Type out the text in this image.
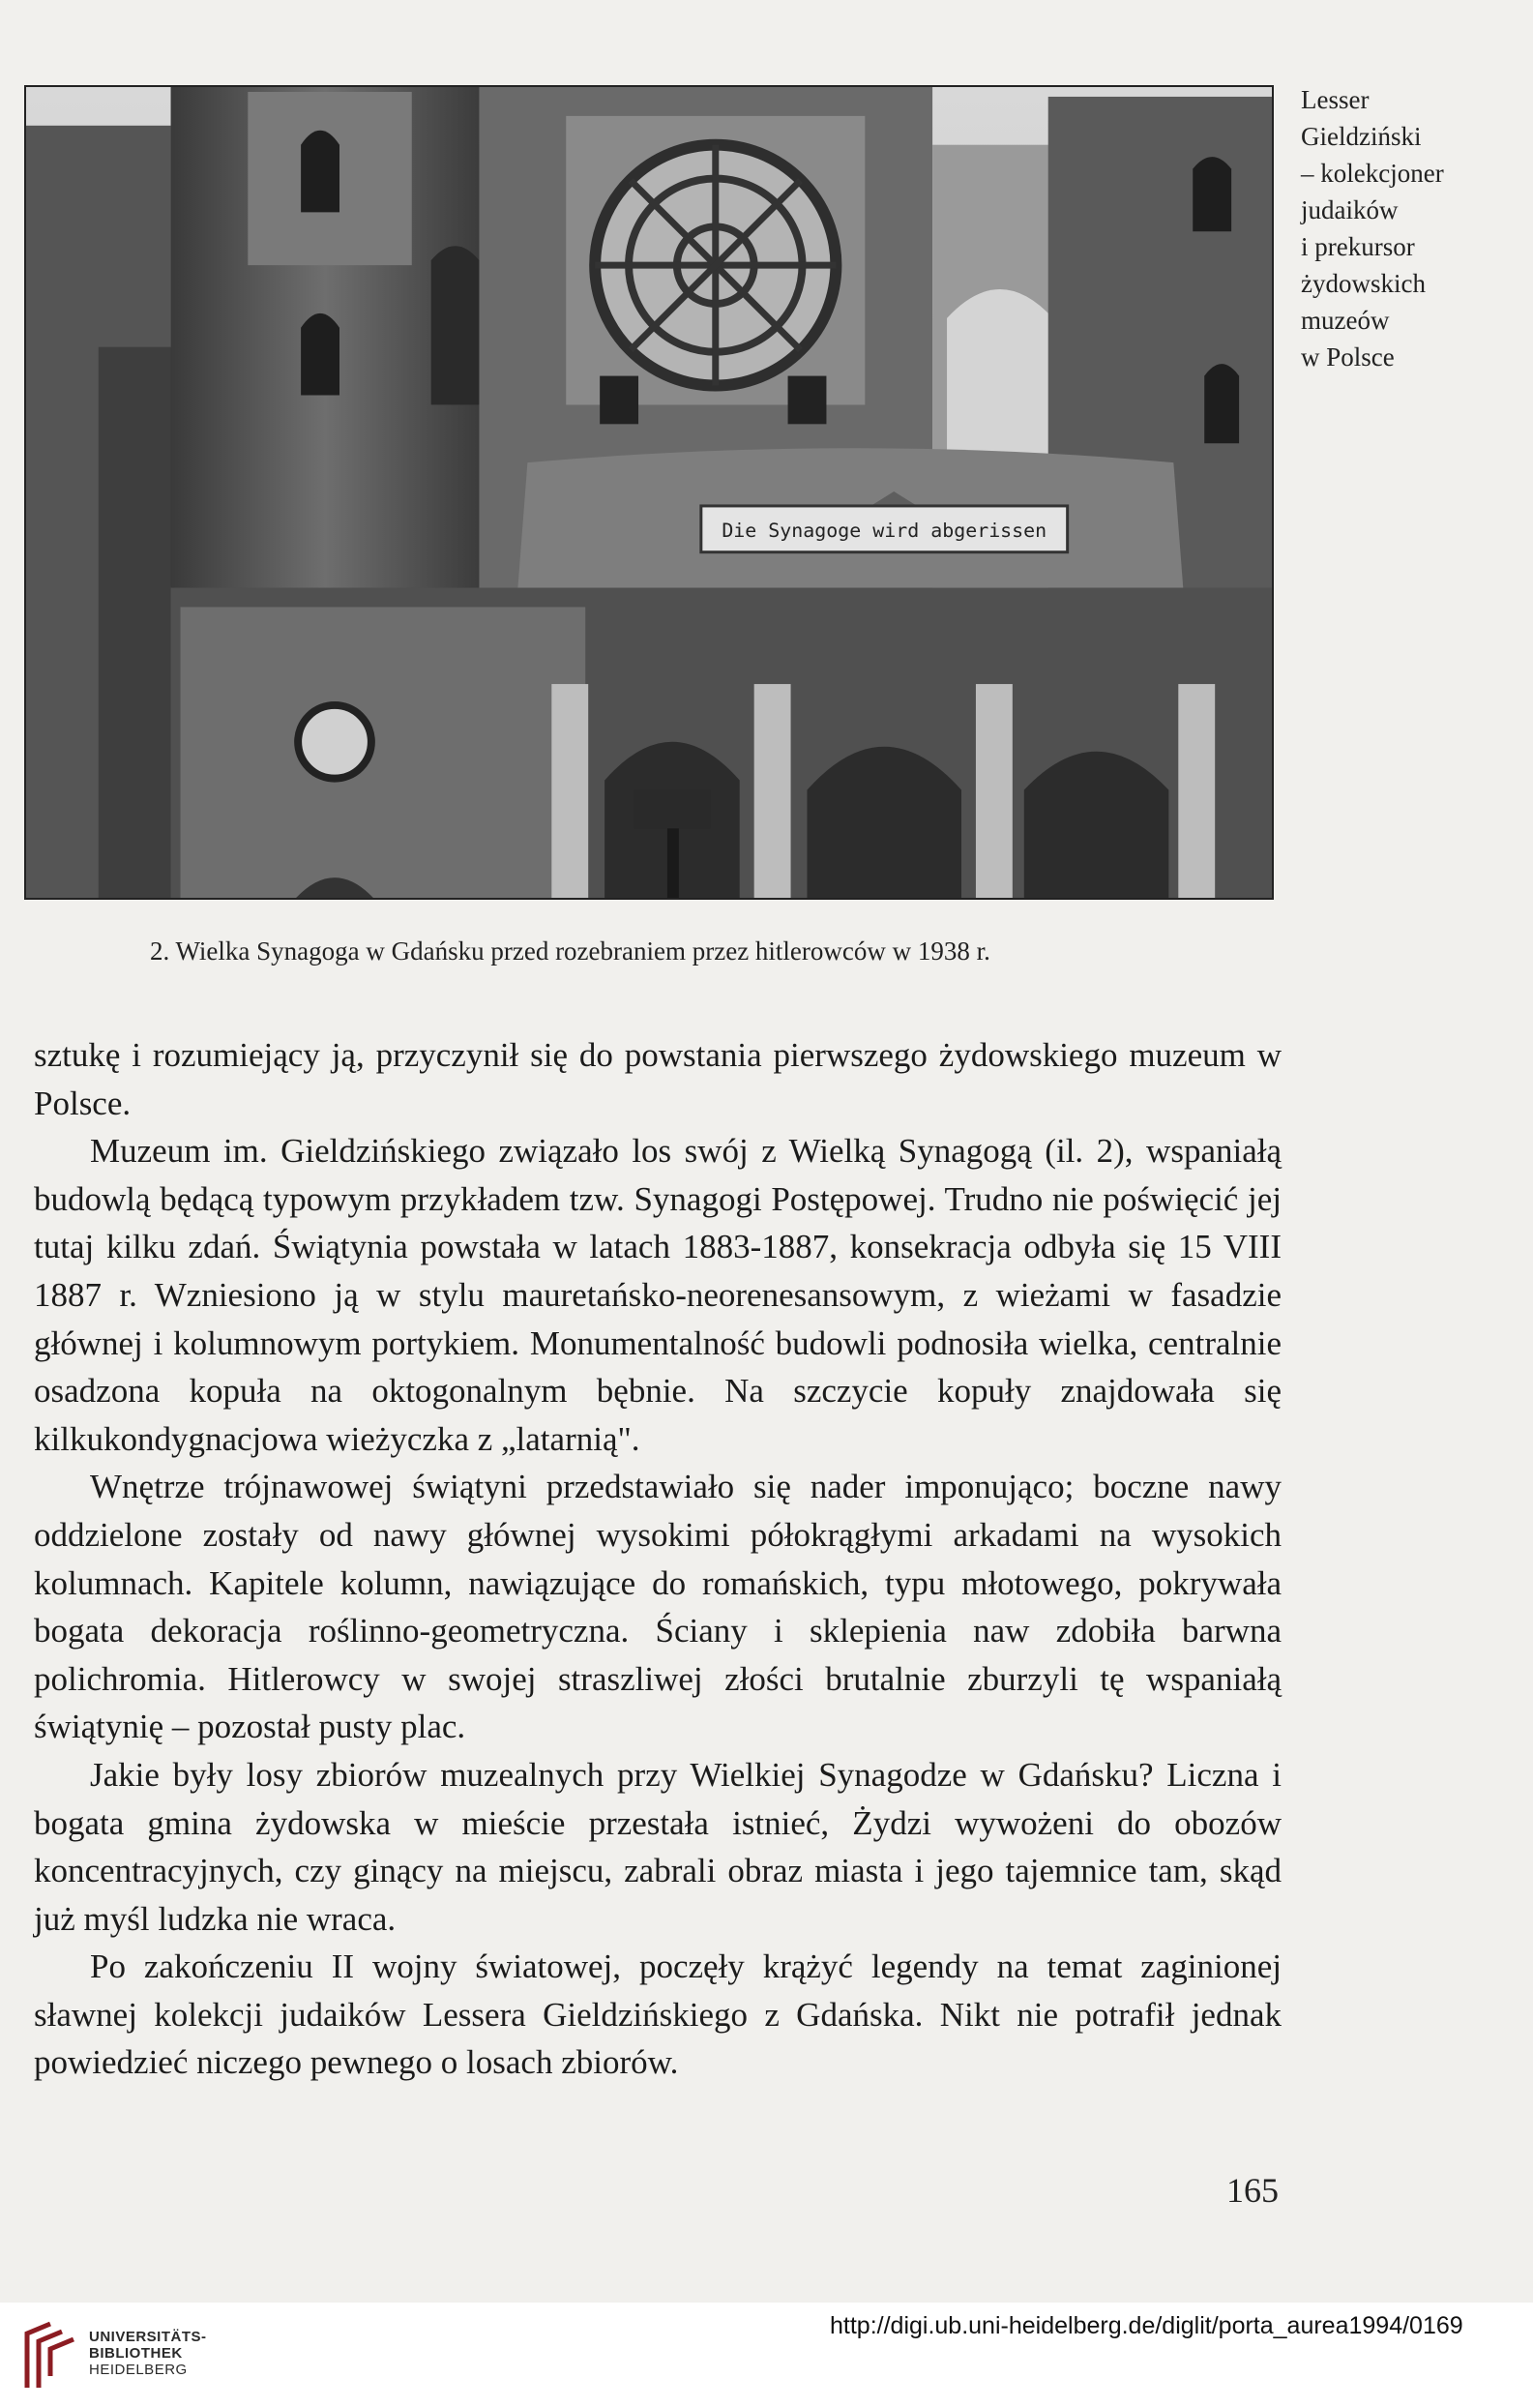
Die Synagoge wird abgerissen
Lesser
Gieldziński
– kolekcjoner
judaików
i prekursor
żydowskich
muzeów
w Polsce
2. Wielka Synagoga w Gdańsku przed rozebraniem przez hitlerowców w 1938 r.

sztukę i rozumiejący ją, przyczynił się do powstania pierwszego żydowskiego muzeum w Polsce.

Muzeum im. Gieldzińskiego związało los swój z Wielką Synagogą (il. 2), wspaniałą budowlą będącą typowym przykładem tzw. Synagogi Postępowej. Trudno nie poświęcić jej tutaj kilku zdań. Świątynia powstała w latach 1883-1887, konsekracja odbyła się 15 VIII 1887 r. Wzniesiono ją w stylu mauretańsko-neorenesansowym, z wieżami w fasadzie głównej i kolumnowym portykiem. Monumentalność budowli podnosiła wielka, centralnie osadzona kopuła na oktogonalnym bębnie. Na szczycie kopuły znajdowała się kilkukondygnacjowa wieżyczka z „latarnią".

Wnętrze trójnawowej świątyni przedstawiało się nader imponująco; boczne nawy oddzielone zostały od nawy głównej wysokimi półokrągłymi arkadami na wysokich kolumnach. Kapitele kolumn, nawiązujące do romańskich, typu młotowego, pokrywała bogata dekoracja roślinno-geometryczna. Ściany i sklepienia naw zdobiła barwna polichromia. Hitlerowcy w swojej straszliwej złości brutalnie zburzyli tę wspaniałą świątynię – pozostał pusty plac.

Jakie były losy zbiorów muzealnych przy Wielkiej Synagodze w Gdańsku? Liczna i bogata gmina żydowska w mieście przestała istnieć, Żydzi wywożeni do obozów koncentracyjnych, czy ginący na miejscu, zabrali obraz miasta i jego tajemnice tam, skąd już myśl ludzka nie wraca.

Po zakończeniu II wojny światowej, poczęły krążyć legendy na temat zaginionej sławnej kolekcji judaików Lessera Gieldzińskiego z Gdańska. Nikt nie potrafił jednak powiedzieć niczego pewnego o losach zbiorów.

165
UNIVERSITÄTS-
BIBLIOTHEK
HEIDELBERG
http://digi.ub.uni-heidelberg.de/diglit/porta_aurea1994/0169
